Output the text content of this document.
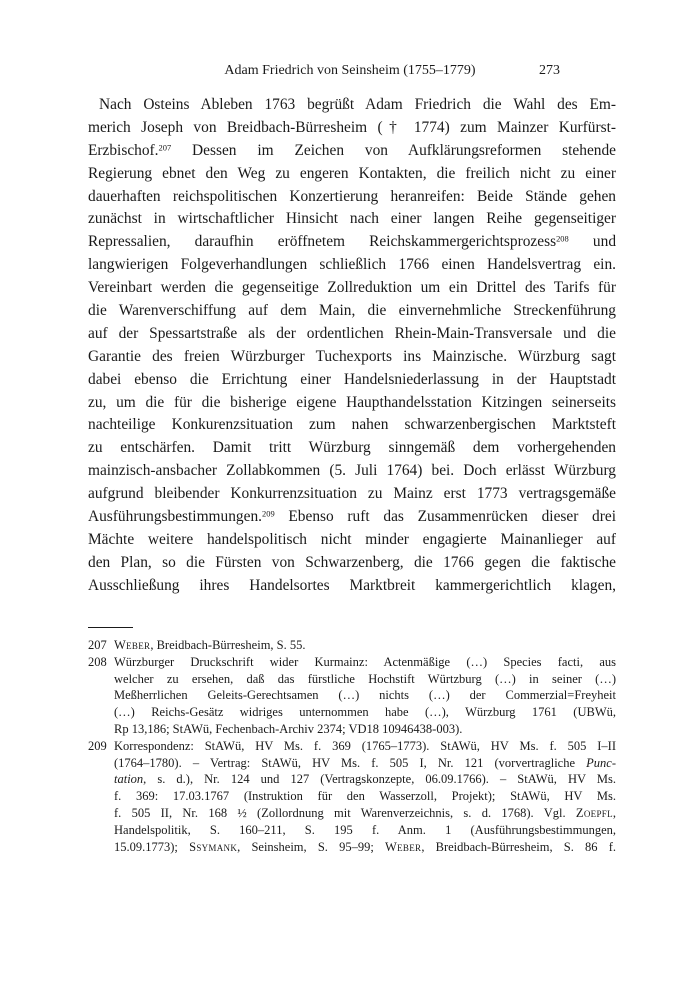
Adam Friedrich von Seinsheim (1755–1779)	273
Nach Osteins Ableben 1763 begrüßt Adam Friedrich die Wahl des Em-
merich Joseph von Breidbach-Bürresheim († 1774) zum Mainzer Kurfürst-
Erzbischof.$^{207}$ Dessen im Zeichen von Aufklärungsreformen stehende
Regierung ebnet den Weg zu engeren Kontakten, die freilich nicht zu einer
dauerhaften reichspolitischen Konzertierung heranreifen: Beide Stände gehen
zunächst in wirtschaftlicher Hinsicht nach einer langen Reihe gegenseitiger
Repressalien, daraufhin eröffnetem Reichskammergerichtsprozess$^{208}$ und
langwierigen Folgeverhandlungen schließlich 1766 einen Handelsvertrag ein.
Vereinbart werden die gegenseitige Zollreduktion um ein Drittel des Tarifs für
die Warenverschiffung auf dem Main, die einvernehmliche Streckenführung
auf der Spessartstraße als der ordentlichen Rhein-Main-Transversale und die
Garantie des freien Würzburger Tuchexports ins Mainzische. Würzburg sagt
dabei ebenso die Errichtung einer Handelsniederlassung in der Hauptstadt
zu, um die für die bisherige eigene Haupthandelsstation Kitzingen seinerseits
nachteilige Konkurenzsituation zum nahen schwarzenbergischen Marktsteft
zu entschärfen. Damit tritt Würzburg sinngemäß dem vorhergehenden
mainzisch-ansbacher Zollabkommen (5. Juli 1764) bei. Doch erlässt Würzburg
aufgrund bleibender Konkurrenzsituation zu Mainz erst 1773 vertragsgemäße
Ausführungsbestimmungen.$^{209}$ Ebenso ruft das Zusammenrücken dieser drei
Mächte weitere handelspolitisch nicht minder engagierte Mainanlieger auf
den Plan, so die Fürsten von Schwarzenberg, die 1766 gegen die faktische
Ausschließung ihres Handelsortes Marktbreit kammergerichtlich klagen,
207 Weber, Breidbach-Bürresheim, S. 55.
208 Würzburger Druckschrift wider Kurmainz: Actenmäßige (…) Species facti, aus
welcher zu ersehen, daß das fürstliche Hochstift Würtzburg (…) in seiner (…)
Meßherrlichen Geleits-Gerechtsamen (…) nichts (…) der Commerzial=Freyheit
(…) Reichs-Gesätz widriges unternommen habe (…), Würzburg 1761 (UBWü,
Rp 13,186; StAWü, Fechenbach-Archiv 2374; VD18 10946438-003).
209 Korrespondenz: StAWü, HV Ms. f. 369 (1765–1773). StAWü, HV Ms. f. 505 I–II
(1764–1780). – Vertrag: StAWü, HV Ms. f. 505 I, Nr. 121 (vorvertragliche Punc-
tation, s. d.), Nr. 124 und 127 (Vertragskonzepte, 06.09.1766). – StAWü, HV Ms.
f. 369: 17.03.1767 (Instruktion für den Wasserzoll, Projekt); StAWü, HV Ms.
f. 505 II, Nr. 168 ½ (Zollordnung mit Warenverzeichnis, s. d. 1768). Vgl. Zoepfl,
Handelspolitik, S. 160–211, S. 195 f. Anm. 1 (Ausführungsbestimmungen,
15.09.1773); Ssymank, Seinsheim, S. 95–99; Weber, Breidbach-Bürresheim, S. 86 f.
